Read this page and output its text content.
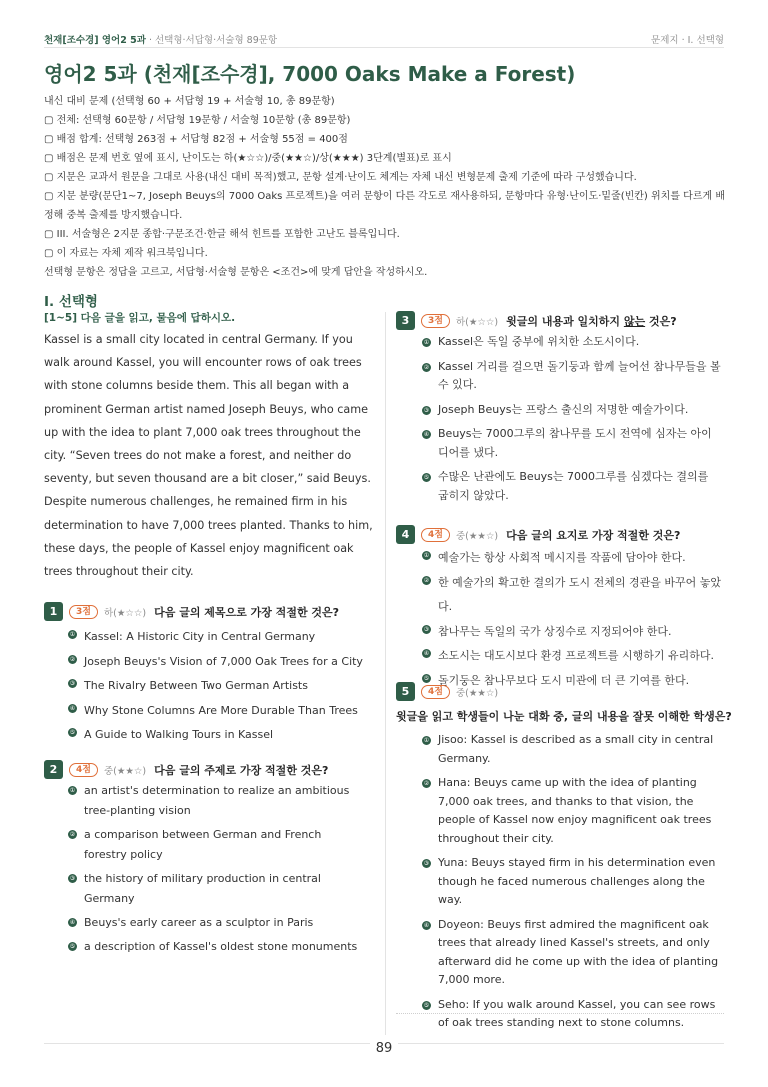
천재[조수경] 영어2 5과 · 선택형·서답형·서술형 89문항	문제지 · I. 선택형
영어2 5과 (천재[조수경], 7000 Oaks Make a Forest)

내신 대비 문제 (선택형 60 + 서답형 19 + 서술형 10, 총 89문항)

▢ 전체: 선택형 60문항 / 서답형 19문항 / 서술형 10문항 (총 89문항)

▢ 배점 합계: 선택형 263점 + 서답형 82점 + 서술형 55점 = 400점

▢ 배점은 문제 번호 옆에 표시, 난이도는 하(★☆☆)/중(★★☆)/상(★★★) 3단계(별표)로 표시

▢ 지문은 교과서 원문을 그대로 사용(내신 대비 목적)했고, 문항 설계·난이도 체계는 자체 내신 변형문제 출제 기준에 따라 구성했습니다.

▢ 지문 분량(문단1~7, Joseph Beuys의 7000 Oaks 프로젝트)을 여러 문항이 다른 각도로 재사용하되, 문항마다 유형·난이도·밑줄(빈칸) 위치를 다르게 배정해 중복 출제를 방지했습니다.

▢ III. 서술형은 2지문 종합·구문조건·한글 해석 힌트를 포함한 고난도 블록입니다.

▢ 이 자료는 자체 제작 워크북입니다.

선택형 문항은 정답을 고르고, 서답형·서술형 문항은 <조건>에 맞게 답안을 작성하시오.

I. 선택형
[1~5] 다음 글을 읽고, 물음에 답하시오.
Kassel is a small city located in central Germany. If you walk around Kassel, you will encounter rows of oak trees with stone columns beside them. This all began with a prominent German artist named Joseph Beuys, who came up with the idea to plant 7,000 oak trees throughout the city. “Seven trees do not make a forest, and neither do seventy, but seven thousand are a bit closer,” said Beuys. Despite numerous challenges, he remained firm in his determination to have 7,000 trees planted. Thanks to him, these days, the people of Kassel enjoy magnificent oak trees throughout their city.
1	3점	하(★☆☆) 다음 글의 제목으로 가장 적절한 것은?
① Kassel: A Historic City in Central Germany
② Joseph Beuys's Vision of 7,000 Oak Trees for a City
③ The Rivalry Between Two German Artists
④ Why Stone Columns Are More Durable Than Trees
⑤ A Guide to Walking Tours in Kassel
2	4점	중(★★☆) 다음 글의 주제로 가장 적절한 것은?
① an artist's determination to realize an ambitious tree-planting vision
② a comparison between German and French forestry policy
③ the history of military production in central Germany
④ Beuys's early career as a sculptor in Paris
⑤ a description of Kassel's oldest stone monuments
3	3점	하(★☆☆) 윗글의 내용과 일치하지 않는 것은?
① Kassel은 독일 중부에 위치한 소도시이다.
② Kassel 거리를 걸으면 돌기둥과 함께 늘어선 참나무들을 볼 수 있다.
③ Joseph Beuys는 프랑스 출신의 저명한 예술가이다.
④ Beuys는 7000그루의 참나무를 도시 전역에 심자는 아이디어를 냈다.
⑤ 수많은 난관에도 Beuys는 7000그루를 심겠다는 결의를 굽히지 않았다.
4	4점	중(★★☆) 다음 글의 요지로 가장 적절한 것은?
① 예술가는 항상 사회적 메시지를 작품에 담아야 한다.
② 한 예술가의 확고한 결의가 도시 전체의 경관을 바꾸어 놓았다.
③ 참나무는 독일의 국가 상징수로 지정되어야 한다.
④ 소도시는 대도시보다 환경 프로젝트를 시행하기 유리하다.
⑤ 돌기둥은 참나무보다 도시 미관에 더 큰 기여를 한다.
5	4점	중(★★☆)
윗글을 읽고 학생들이 나눈 대화 중, 글의 내용을 잘못 이해한 학생은?
① Jisoo: Kassel is described as a small city in central Germany.
② Hana: Beuys came up with the idea of planting 7,000 oak trees, and thanks to that vision, the people of Kassel now enjoy magnificent oak trees throughout their city.
③ Yuna: Beuys stayed firm in his determination even though he faced numerous challenges along the way.
④ Doyeon: Beuys first admired the magnificent oak trees that already lined Kassel's streets, and only afterward did he come up with the idea of planting 7,000 more.
⑤ Seho: If you walk around Kassel, you can see rows of oak trees standing next to stone columns.
89
